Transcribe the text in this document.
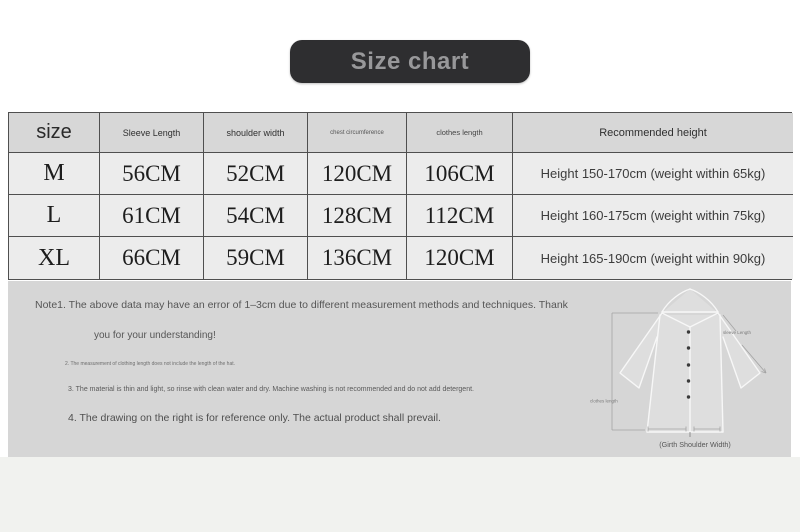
Size chart
size	Sleeve Length	shoulder width	chest circumference	clothes length	Recommended height
M	56CM	52CM	120CM	106CM	Height 150-170cm (weight within 65kg)
L	61CM	54CM	128CM	112CM	Height 160-175cm (weight within 75kg)
XL	66CM	59CM	136CM	120CM	Height 165-190cm (weight within 90kg)
Note1. The above data may have an error of 1–3cm due to different measurement methods and techniques. Thank
you for your understanding!
2. The measurement of clothing length does not include the length of the hat.
3. The material is thin and light, so rinse with clean water and dry. Machine washing is not recommended and do not add detergent.
4. The drawing on the right is for reference only. The actual product shall prevail.
sleeve Length
clothes length
(Girth Shoulder Width)
